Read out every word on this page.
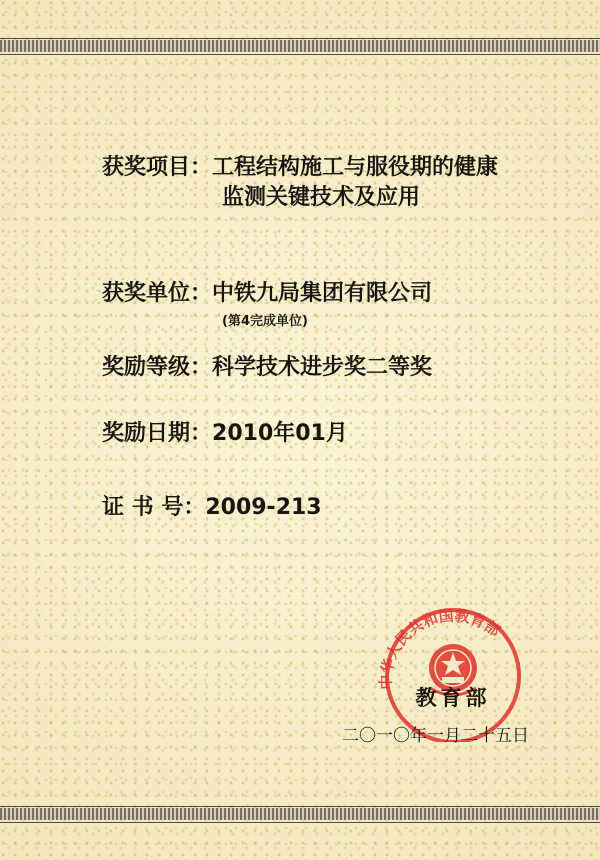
获奖项目：工程结构施工与服役期的健康
监测关键技术及应用
获奖单位：中铁九局集团有限公司
(第4完成单位)
奖励等级：科学技术进步奖二等奖
奖励日期：2010年01月
证 书 号：2009-213
中华人民共和国教育部
教育部
二〇一〇年一月二十五日
